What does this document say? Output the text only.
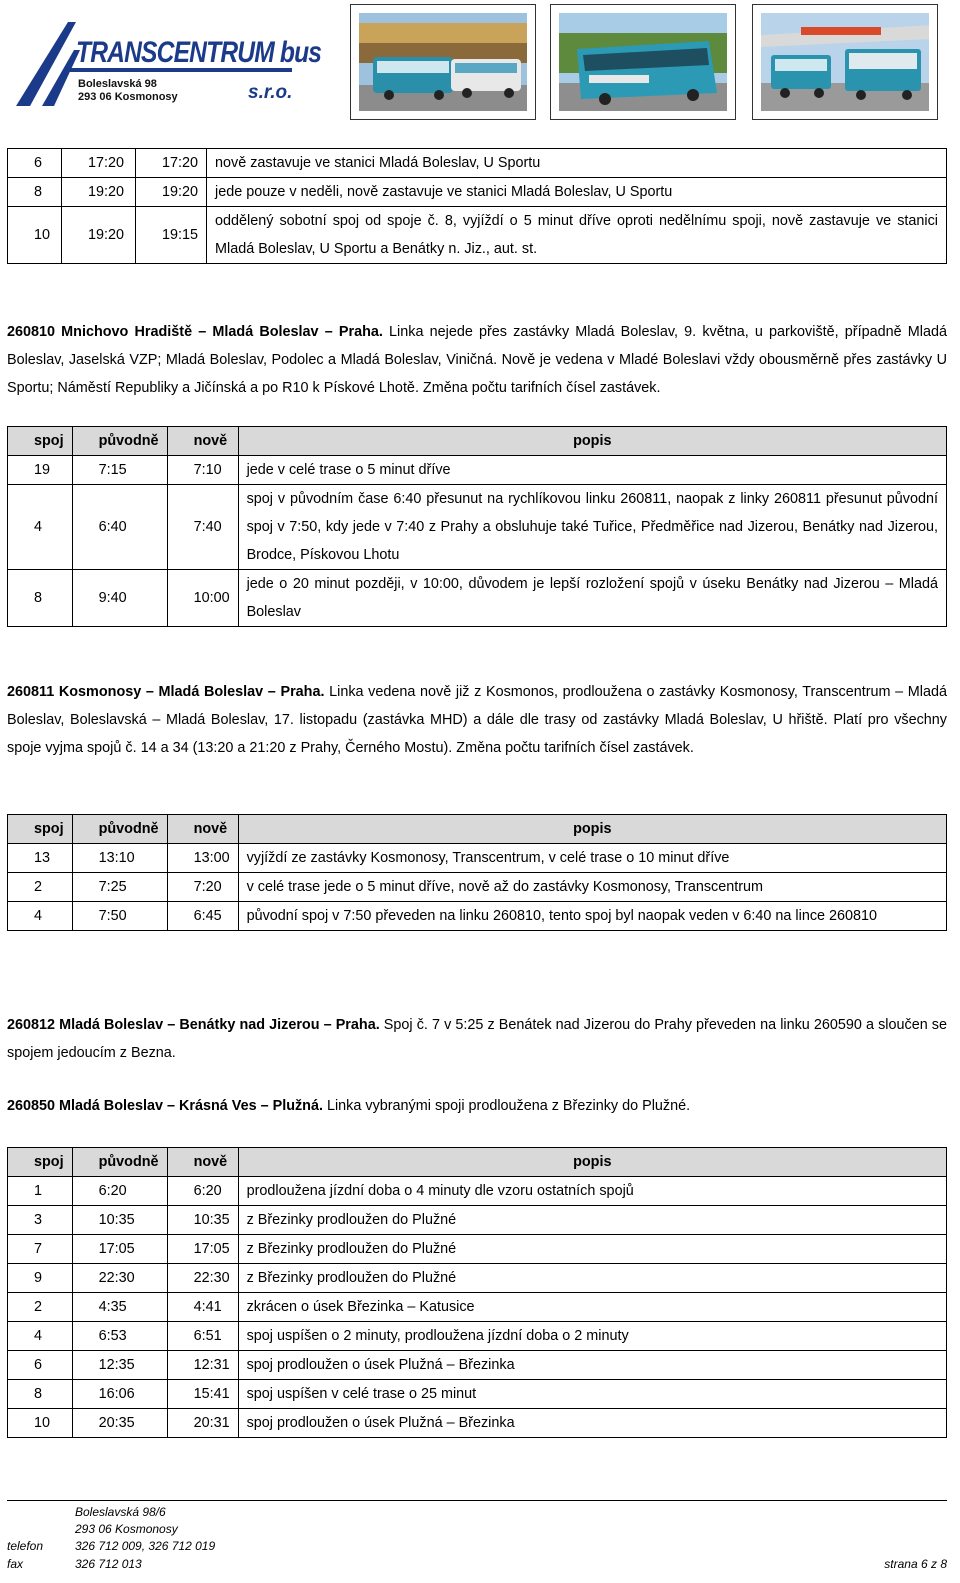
TRANSCENTRUM bus
Boleslavská 98
293 06 Kosmonosy	s.r.o.
6	17:20	17:20	nově zastavuje ve stanici Mladá Boleslav, U Sportu
8	19:20	19:20	jede pouze v neděli, nově zastavuje ve stanici Mladá Boleslav, U Sportu
10	19:20	19:15	oddělený sobotní spoj od spoje č. 8, vyjíždí o 5 minut dříve oproti nedělnímu spoji, nově zastavuje ve stanici Mladá Boleslav, U Sportu a Benátky n. Jiz., aut. st.
260810 Mnichovo Hradiště – Mladá Boleslav – Praha. Linka nejede přes zastávky Mladá Boleslav, 9. května, u parkoviště, případně Mladá Boleslav, Jaselská VZP; Mladá Boleslav, Podolec a Mladá Boleslav, Viničná. Nově je vedena v Mladé Boleslavi vždy obousměrně přes zastávky U Sportu; Náměstí Republiky a Jičínská a po R10 k Pískové Lhotě. Změna počtu tarifních čísel zastávek.
spoj	původně	nově	popis
19	7:15	7:10	jede v celé trase o 5 minut dříve
4	6:40	7:40	spoj v původním čase 6:40 přesunut na rychlíkovou linku 260811, naopak z linky 260811 přesunut původní spoj v 7:50, kdy jede v 7:40 z Prahy a obsluhuje také Tuřice, Předměřice nad Jizerou, Benátky nad Jizerou, Brodce, Pískovou Lhotu
8	9:40	10:00	jede o 20 minut později, v 10:00, důvodem je lepší rozložení spojů v úseku Benátky nad Jizerou – Mladá Boleslav
260811 Kosmonosy – Mladá Boleslav – Praha. Linka vedena nově již z Kosmonos, prodloužena o zastávky Kosmonosy, Transcentrum – Mladá Boleslav, Boleslavská – Mladá Boleslav, 17. listopadu (zastávka MHD) a dále dle trasy od zastávky Mladá Boleslav, U hřiště. Platí pro všechny spoje vyjma spojů č. 14 a 34 (13:20 a 21:20 z Prahy, Černého Mostu). Změna počtu tarifních čísel zastávek.
spoj	původně	nově	popis
13	13:10	13:00	vyjíždí ze zastávky Kosmonosy, Transcentrum, v celé trase o 10 minut dříve
2	7:25	7:20	v celé trase jede o 5 minut dříve, nově až do zastávky Kosmonosy, Transcentrum
4	7:50	6:45	původní spoj v 7:50 převeden na linku 260810, tento spoj byl naopak veden v 6:40 na lince 260810
260812 Mladá Boleslav – Benátky nad Jizerou – Praha. Spoj č. 7 v 5:25 z Benátek nad Jizerou do Prahy převeden na linku 260590 a sloučen se spojem jedoucím z Bezna.
260850 Mladá Boleslav – Krásná Ves – Plužná. Linka vybranými spoji prodloužena z Březinky do Plužné.
spoj	původně	nově	popis
1	6:20	6:20	prodloužena jízdní doba o 4 minuty dle vzoru ostatních spojů
3	10:35	10:35	z Březinky prodloužen do Plužné
7	17:05	17:05	z Březinky prodloužen do Plužné
9	22:30	22:30	z Březinky prodloužen do Plužné
2	4:35	4:41	zkrácen o úsek Březinka – Katusice
4	6:53	6:51	spoj uspíšen o 2 minuty, prodloužena jízdní doba o 2 minuty
6	12:35	12:31	spoj prodloužen o úsek Plužná – Březinka
8	16:06	15:41	spoj uspíšen v celé trase o 25 minut
10	20:35	20:31	spoj prodloužen o úsek Plužná – Březinka
Boleslavská 98/6
293 06 Kosmonosy
telefon	326 712 009, 326 712 019
fax	326 712 013	strana 6 z 8
